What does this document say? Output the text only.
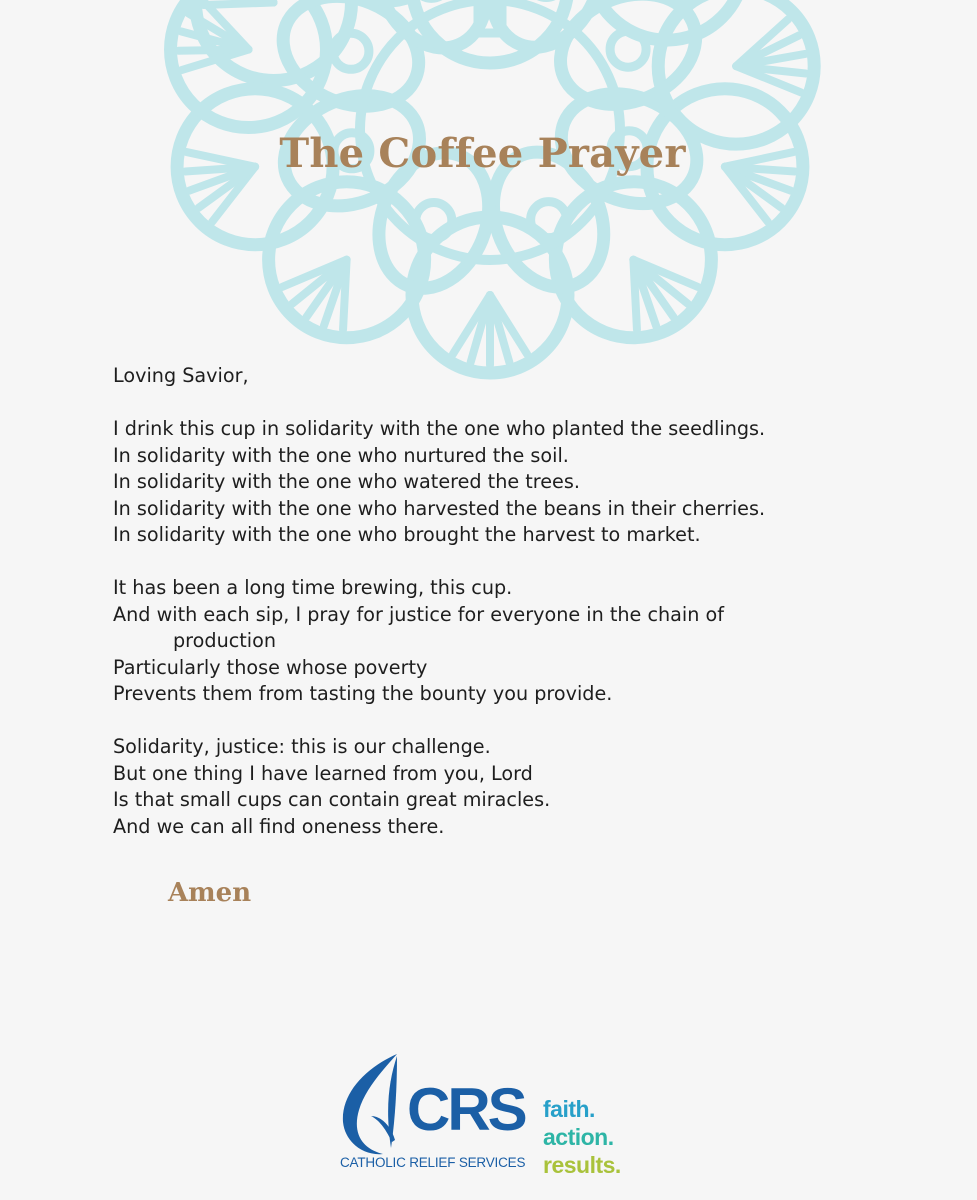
The Coffee Prayer
Loving Savior,
I drink this cup in solidarity with the one who planted the seedlings.
In solidarity with the one who nurtured the soil.
In solidarity with the one who watered the trees.
In solidarity with the one who harvested the beans in their cherries.
In solidarity with the one who brought the harvest to market.
It has been a long time brewing, this cup.
And with each sip, I pray for justice for everyone in the chain of
production
Particularly those whose poverty
Prevents them from tasting the bounty you provide.
Solidarity, justice: this is our challenge.
But one thing I have learned from you, Lord
Is that small cups can contain great miracles.
And we can all find oneness there.
Amen
CRS
CATHOLIC RELIEF SERVICES
faith.
action.
results.
